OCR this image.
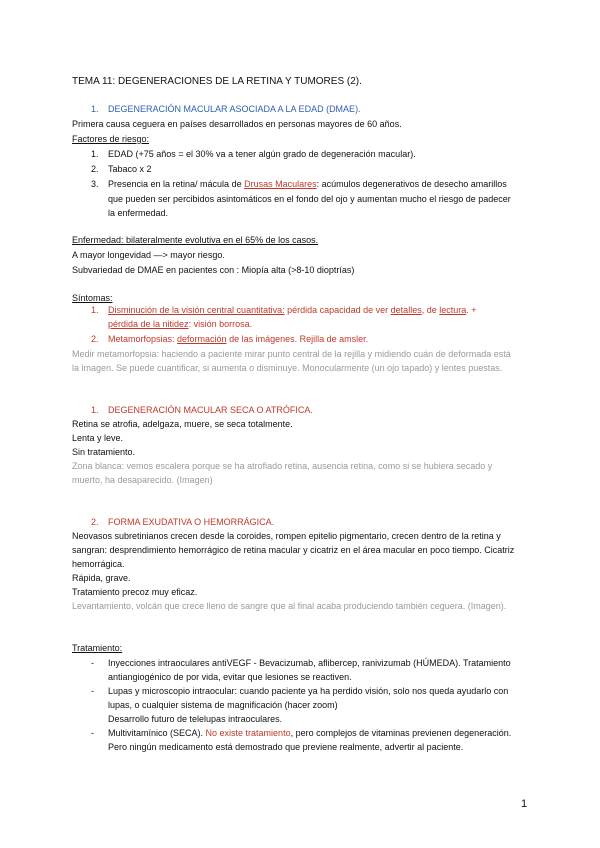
TEMA 11: DEGENERACIONES DE LA RETINA Y TUMORES (2).
1. DEGENERACIÓN MACULAR ASOCIADA A LA EDAD (DMAE).
Primera causa ceguera en países desarrollados en personas mayores de 60 años.
Factores de riesgo:
1. EDAD (+75 años = el 30% va a tener algún grado de degeneración macular).
2. Tabaco x 2
3. Presencia en la retina/ mácula de Drusas Maculares: acúmulos degenerativos de desecho amarillos
que pueden ser percibidos asintomáticos en el fondo del ojo y aumentan mucho el riesgo de padecer
la enfermedad.
Enfermedad: bilateralmente evolutiva en el 65% de los casos.
A mayor longevidad —> mayor riesgo.
Subvariedad de DMAE en pacientes con : Miopía alta (>8-10 dioptrías)
Síntomas:
1. Disminución de la visión central cuantitativa: pérdida capacidad de ver detalles, de lectura. +
pérdida de la nitidez: visión borrosa.
2. Metamorfopsias: deformación de las imágenes. Rejilla de amsler.
Medir metamorfopsia: haciendo a paciente mirar punto central de la rejilla y midiendo cuán de deformada está
la imagen. Se puede cuantificar, si aumenta o disminuye. Monocularmente (un ojo tapado) y lentes puestas.
1. DEGENERACIÓN MACULAR SECA O ATRÓFICA.
Retina se atrofia, adelgaza, muere, se seca totalmente.
Lenta y leve.
Sin tratamiento.
Zona blanca: vemos escalera porque se ha atrofiado retina, ausencia retina, como si se hubiera secado y
muerto, ha desaparecido. (Imagen)
2. FORMA EXUDATIVA O HEMORRÁGICA.
Neovasos subretinianos crecen desde la coroides, rompen epitelio pigmentario, crecen dentro de la retina y
sangran: desprendimiento hemorrágico de retina macular y cicatriz en el área macular en poco tiempo. Cicatriz
hemorrágica.
Rápida, grave.
Tratamiento precoz muy eficaz.
Levantamiento, volcán que crece lleno de sangre que al final acaba produciendo también ceguera. (Imagen).
Tratamiento:
- Inyecciones intraoculares antiVEGF - Bevacizumab, aflibercep, ranivizumab (HÚMEDA). Tratamiento
antiangiogénico de por vida, evitar que lesiones se reactiven.
- Lupas y microscopio intraocular: cuando paciente ya ha perdido visión, solo nos queda ayudarlo con
lupas, o cualquier sistema de magnificación (hacer zoom)
Desarrollo futuro de telelupas intraoculares.
- Multivitamínico (SECA). No existe tratamiento, pero complejos de vitaminas previenen degeneración.
Pero ningún medicamento está demostrado que previene realmente, advertir al paciente.
1
